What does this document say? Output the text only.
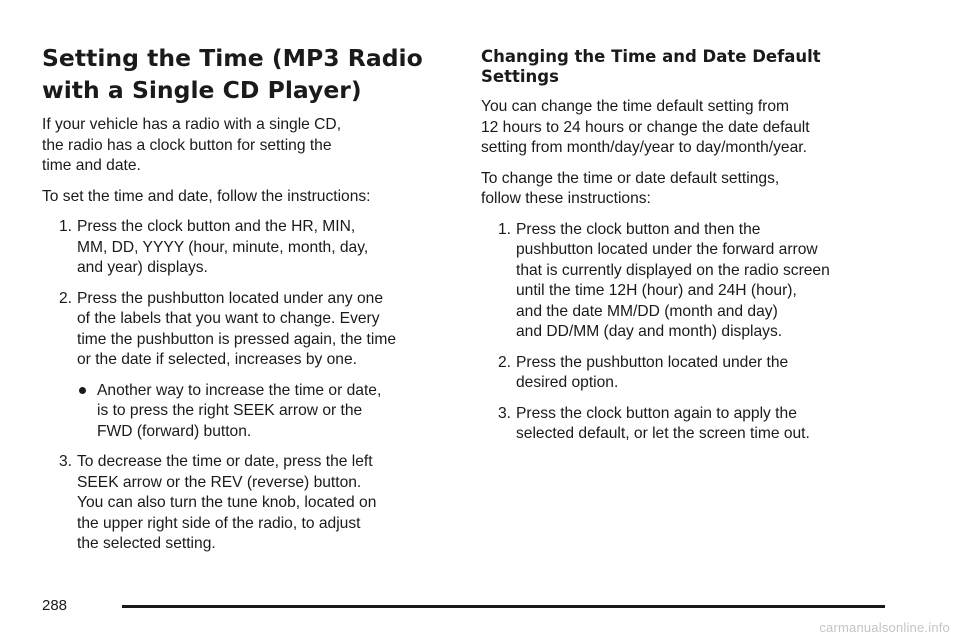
Setting the Time (MP3 Radio
with a Single CD Player)

If your vehicle has a radio with a single CD,
the radio has a clock button for setting the
time and date.

To set the time and date, follow the instructions:

1. Press the clock button and the HR, MIN,
MM, DD, YYYY (hour, minute, month, day,
and year) displays.
2. Press the pushbutton located under any one
of the labels that you want to change. Every
time the pushbutton is pressed again, the time
or the date if selected, increases by one.
Another way to increase the time or date,
is to press the right SEEK arrow or the
FWD (forward) button.
3. To decrease the time or date, press the left
SEEK arrow or the REV (reverse) button.
You can also turn the tune knob, located on
the upper right side of the radio, to adjust
the selected setting.
Changing the Time and Date Default
Settings

You can change the time default setting from
12 hours to 24 hours or change the date default
setting from month/day/year to day/month/year.

To change the time or date default settings,
follow these instructions:

1. Press the clock button and then the
pushbutton located under the forward arrow
that is currently displayed on the radio screen
until the time 12H (hour) and 24H (hour),
and the date MM/DD (month and day)
and DD/MM (day and month) displays.
2. Press the pushbutton located under the
desired option.
3. Press the clock button again to apply the
selected default, or let the screen time out.
288
carmanualsonline.info
